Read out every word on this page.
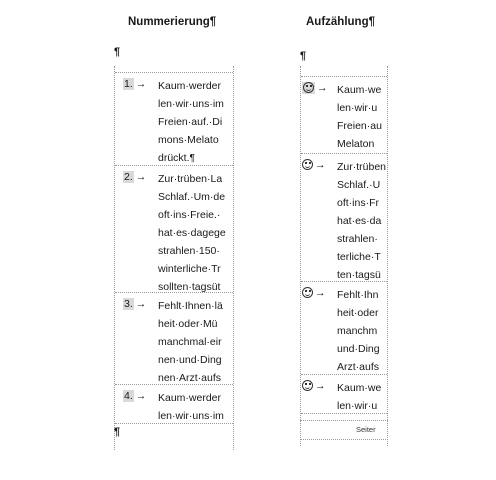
Nummerierung¶
¶
1. → Kaum·werder
len·wir·uns·im
Freien·auf.·Di
mons·Melato
drückt.¶
2. → Zur·trüben·La
Schlaf.·Um·de
oft·ins·Freie.·
hat·es·dagege
strahlen·150·
winterliche·Tr
sollten·tagsüt
3. → Fehlt·Ihnen·lä
heit·oder·Mü
manchmal·eir
nen·und·Ding
nen·Arzt·aufs
4. → Kaum·werder
len·wir·uns·im
¶
Aufzählung¶
¶
→ Kaum·we
len·wir·u
Freien·au
Melaton
→ Zur·trüben
Schlaf.·U
oft·ins·Fr
hat·es·da
strahlen·
terliche·T
ten·tagsü
→ Fehlt·Ihn
heit·oder
manchm
und·Ding
Arzt·aufs
→ Kaum·we
len·wir·u
Seiter
